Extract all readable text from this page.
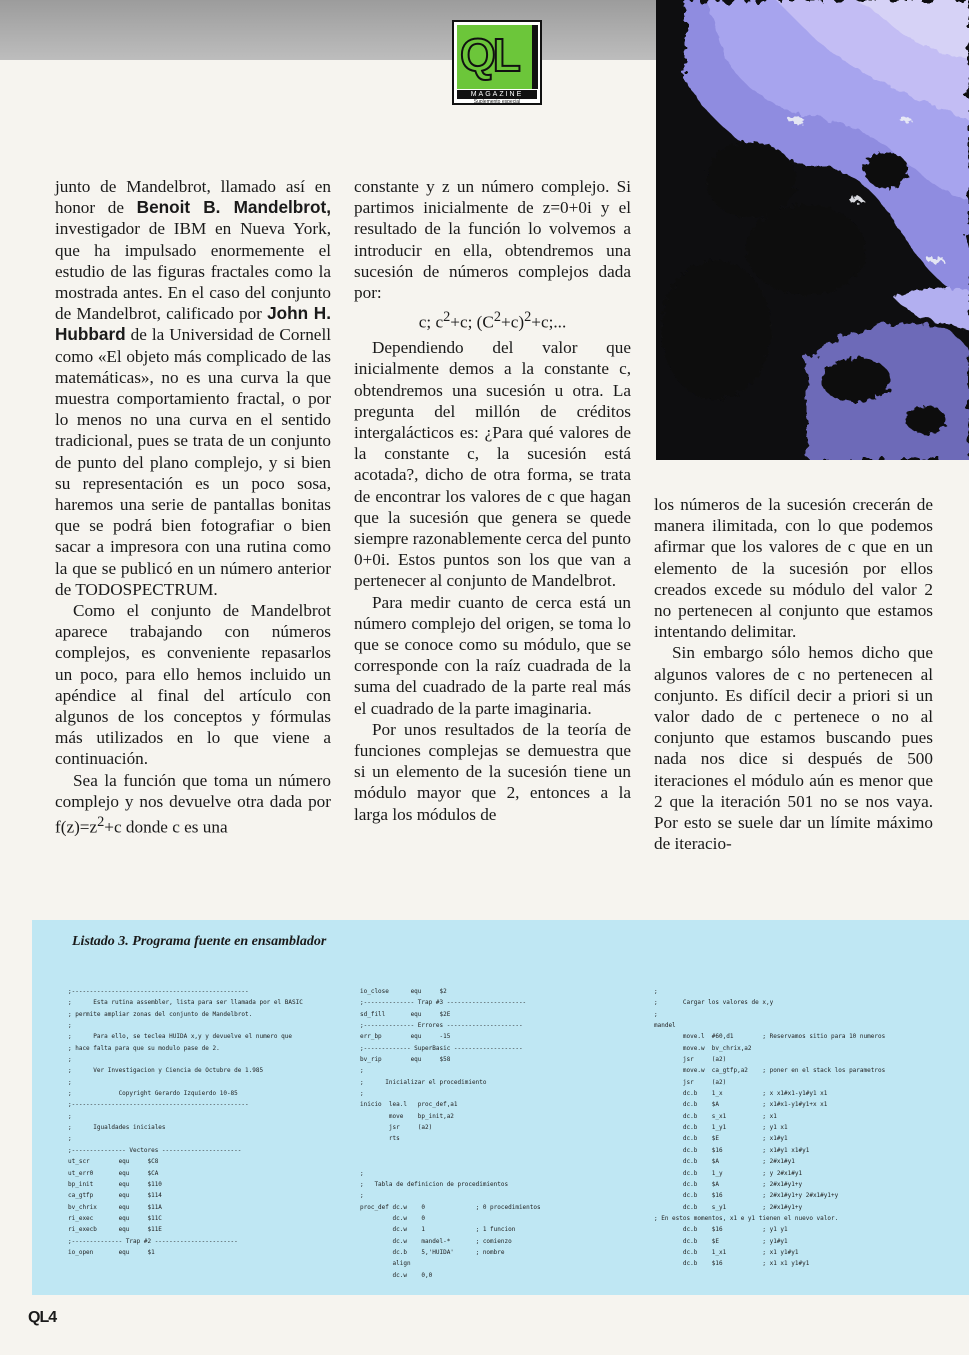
QL
MAGAZINE
Suplemento especial

junto de Mandelbrot, llamado así en honor de Benoit B. Mandelbrot, investigador de IBM en Nueva York, que ha impulsado enormemente el estudio de las figuras fractales como la mostrada antes. En el caso del conjunto de Mandelbrot, calificado por John H. Hubbard de la Universidad de Cornell como «El objeto más complicado de las matemáticas», no es una curva la que muestra comportamiento fractal, o por lo menos no una curva en el sentido tradicional, pues se trata de un conjunto de punto del plano complejo, y si bien su representación es un poco sosa, haremos una serie de pantallas bonitas que se podrá bien fotografiar o bien sacar a impresora con una rutina como la que se publicó en un número anterior de TODOSPECTRUM.

Como el conjunto de Mandelbrot aparece trabajando con números complejos, es conveniente repasarlos un poco, para ello hemos incluido un apéndice al final del artículo con algunos de los conceptos y fórmulas más utilizados en lo que viene a continuación.

Sea la función que toma un número complejo y nos devuelve otra dada por $f(z)=z^2+c$ donde c es una

constante y z un número complejo. Si partimos inicialmente de z=0+0i y el resultado de la función lo volvemos a introducir en ella, obtendremos una sucesión de números complejos dada por:

c; $c^2+c$; $(C^2+c)^2+c$;...

Dependiendo del valor que inicialmente demos a la constante c, obtendremos una sucesión u otra. La pregunta del millón de créditos intergalácticos es: ¿Para qué valores de la constante c, la sucesión está acotada?, dicho de otra forma, se trata de encontrar los valores de c que hagan que la sucesión que genera se quede siempre razonablemente cerca del punto 0+0i. Estos puntos son los que van a pertenecer al conjunto de Mandelbrot.

Para medir cuanto de cerca está un número complejo del origen, se toma lo que se conoce como su módulo, que se corresponde con la raíz cuadrada de la suma del cuadrado de la parte real más el cuadrado de la parte imaginaria.

Por unos resultados de la teoría de funciones complejas se demuestra que si un elemento de la sucesión tiene un módulo mayor que 2, entonces a la larga los módulos de

los números de la sucesión crecerán de manera ilimitada, con lo que podemos afirmar que los valores de c que en un elemento de la sucesión por ellos creados excede su módulo del valor 2 no pertenecen al conjunto que estamos intentando delimitar.

Sin embargo sólo hemos dicho que algunos valores de c no pertenecen al conjunto. Es difícil decir a priori si un valor dado de c pertenece o no al conjunto que estamos buscando pues nada nos dice si después de 500 iteraciones el módulo aún es menor que 2 que la iteración 501 no se nos vaya. Por esto se suele dar un límite máximo de iteracio-

Listado 3. Programa fuente en ensamblador
;-------------------------------------------------
;      Esta rutina assembler, lista para ser llamada por el BASIC
; permite ampliar zonas del conjunto de Mandelbrot.
;
;      Para ello, se teclea HUIDA x,y y devuelve el numero que
; hace falta para que su modulo pase de 2.
;
;      Ver Investigacion y Ciencia de Octubre de 1.985
;
;             Copyright Gerardo Izquierdo 10-85
;-------------------------------------------------
;
;      Igualdades iniciales
;
;--------------- Vectores ----------------------
ut_scr        equ     $C8
ut_err0       equ     $CA
bp_init       equ     $110
ca_gtfp       equ     $114
bv_chrix      equ     $11A
ri_exec       equ     $11C
ri_execb      equ     $11E
;-------------- Trap #2 -----------------------
io_open       equ     $1
io_close      equ     $2
;-------------- Trap #3 ----------------------
sd_fill       equ     $2E
;-------------- Errores ---------------------
err_bp        equ     -15
;------------- SuperBasic -------------------
bv_rip        equ     $58
;
;      Inicializar el procedimiento
;
inicio  lea.l   proc_def,a1
move    bp_init,a2
jsr     (a2)
rts

;
;   Tabla de definicion de procedimientos
;
proc_def dc.w    0              ; 0 procedimientos
dc.w    0
dc.w    1              ; 1 funcion
dc.w    mandel-*       ; comienzo
dc.b    5,'HUIDA'      ; nombre
align
dc.w    0,0
;
;       Cargar los valores de x,y
;
mandel
move.l  #60,d1        ; Reservamos sitio para 10 numeros
move.w  bv_chrix,a2
jsr     (a2)
move.w  ca_gtfp,a2    ; poner en el stack los parametros
jsr     (a2)
dc.b    1_x           ; x x1#x1-y1#y1 x1
dc.b    $A            ; x1#x1-y1#y1+x x1
dc.b    s_x1          ; x1
dc.b    1_y1          ; y1 x1
dc.b    $E            ; x1#y1
dc.b    $16           ; x1#y1 x1#y1
dc.b    $A            ; 2#x1#y1
dc.b    1_y           ; y 2#x1#y1
dc.b    $A            ; 2#x1#y1+y
dc.b    $16           ; 2#x1#y1+y 2#x1#y1+y
dc.b    s_y1          ; 2#x1#y1+y
; En estos momentos, x1 e y1 tienen el nuevo valor.
dc.b    $16           ; y1 y1
dc.b    $E            ; y1#y1
dc.b    1_x1          ; x1 y1#y1
dc.b    $16           ; x1 x1 y1#y1
QL4
